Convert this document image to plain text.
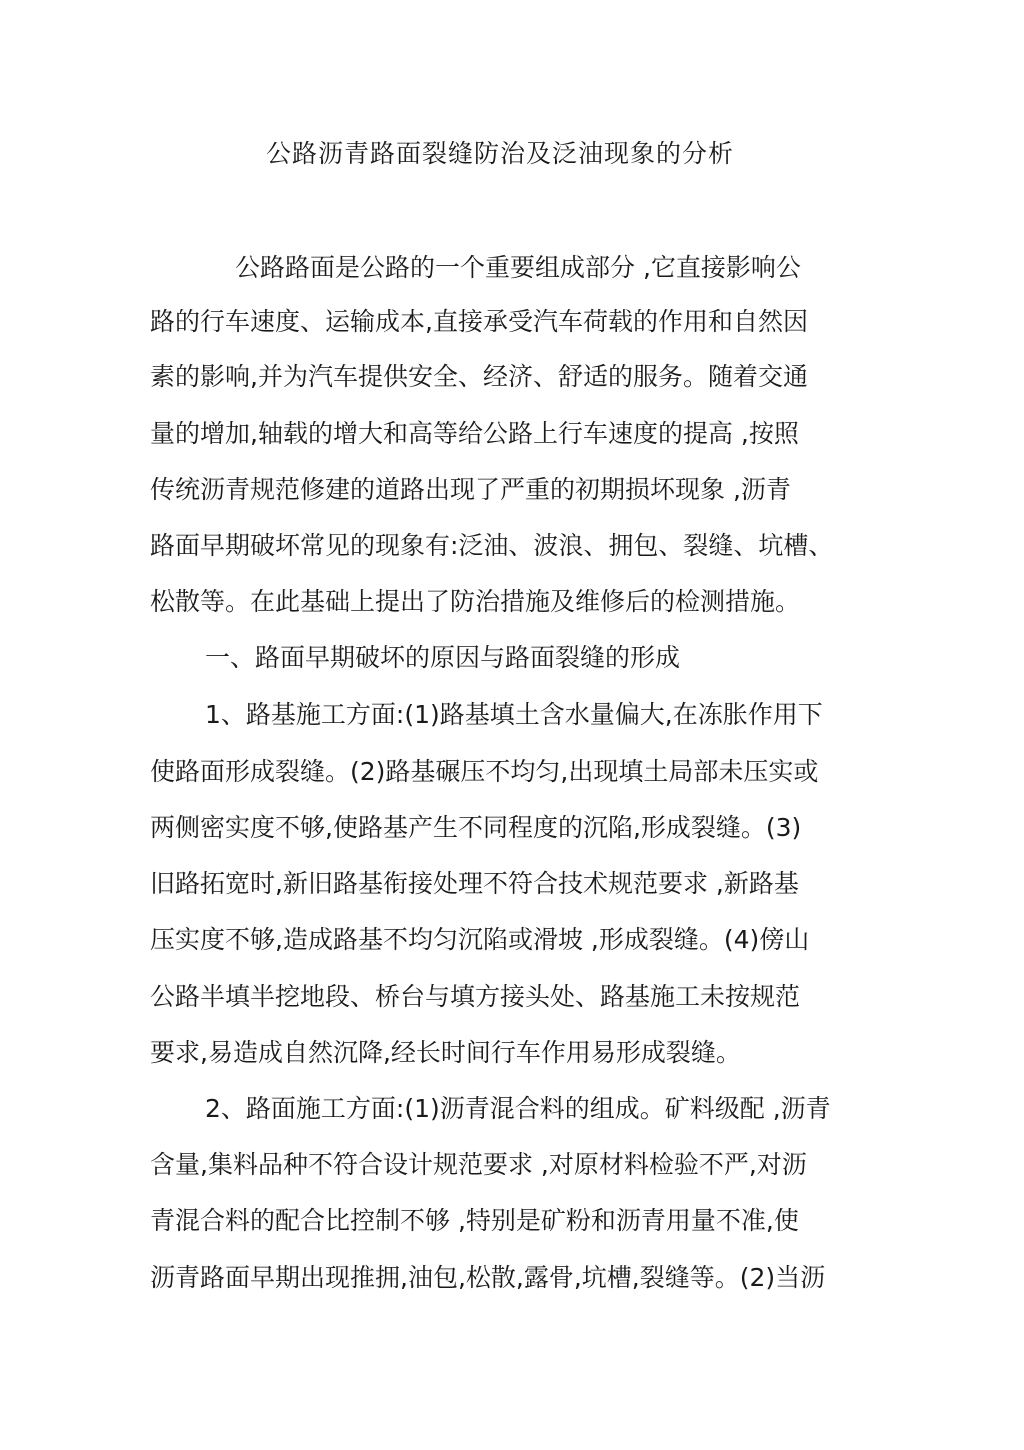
公路沥青路面裂缝防治及泛油现象的分析

公路路面是公路的一个重要组成部分 ,它直接影响公

路的行车速度、运输成本,直接承受汽车荷载的作用和自然因

素的影响,并为汽车提供安全、经济、舒适的服务。随着交通

量的增加,轴载的增大和高等给公路上行车速度的提高 ,按照

传统沥青规范修建的道路出现了严重的初期损坏现象 ,沥青

路面早期破坏常见的现象有:泛油、波浪、拥包、裂缝、坑槽、

松散等。在此基础上提出了防治措施及维修后的检测措施。

一、路面早期破坏的原因与路面裂缝的形成

1、路基施工方面:(1)路基填土含水量偏大,在冻胀作用下

使路面形成裂缝。(2)路基碾压不均匀,出现填土局部未压实或

两侧密实度不够,使路基产生不同程度的沉陷,形成裂缝。(3)

旧路拓宽时,新旧路基衔接处理不符合技术规范要求 ,新路基

压实度不够,造成路基不均匀沉陷或滑坡 ,形成裂缝。(4)傍山

公路半填半挖地段、桥台与填方接头处、路基施工未按规范

要求,易造成自然沉降,经长时间行车作用易形成裂缝。

2、路面施工方面:(1)沥青混合料的组成。矿料级配 ,沥青

含量,集料品种不符合设计规范要求 ,对原材料检验不严,对沥

青混合料的配合比控制不够 ,特别是矿粉和沥青用量不准,使

沥青路面早期出现推拥,油包,松散,露骨,坑槽,裂缝等。(2)当沥
